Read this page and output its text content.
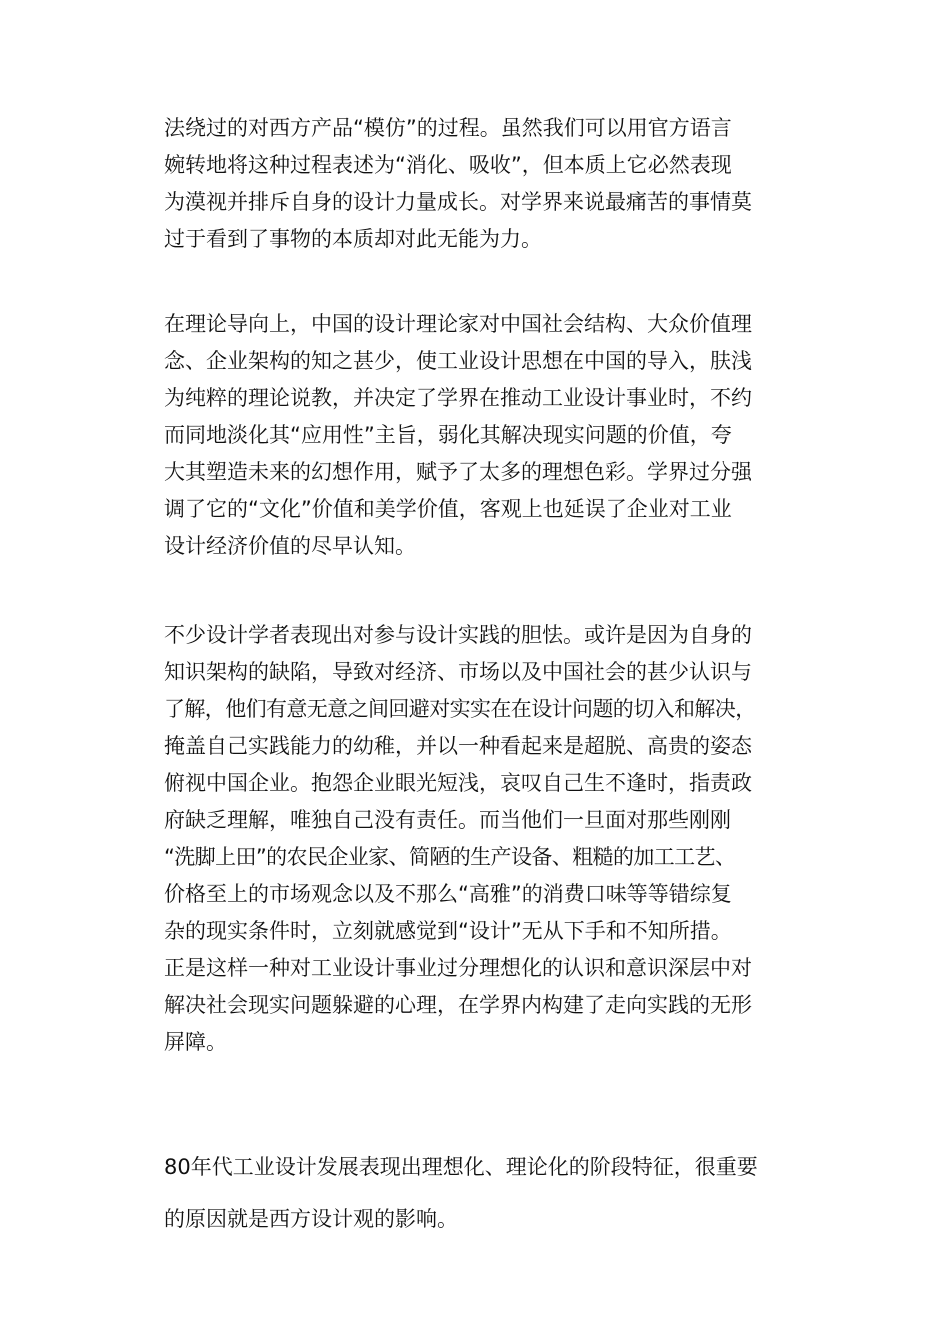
法绕过的对西方产品“模仿”的过程。虽然我们可以用官方语言
婉转地将这种过程表述为“消化、吸收”，但本质上它必然表现
为漠视并排斥自身的设计力量成长。对学界来说最痛苦的事情莫
过于看到了事物的本质却对此无能为力。
在理论导向上，中国的设计理论家对中国社会结构、大众价值理
念、企业架构的知之甚少，使工业设计思想在中国的导入，肤浅
为纯粹的理论说教，并决定了学界在推动工业设计事业时，不约
而同地淡化其“应用性”主旨，弱化其解决现实问题的价值，夸
大其塑造未来的幻想作用，赋予了太多的理想色彩。学界过分强
调了它的“文化”价值和美学价值，客观上也延误了企业对工业
设计经济价值的尽早认知。
不少设计学者表现出对参与设计实践的胆怯。或许是因为自身的
知识架构的缺陷，导致对经济、市场以及中国社会的甚少认识与
了解，他们有意无意之间回避对实实在在设计问题的切入和解决，
掩盖自己实践能力的幼稚，并以一种看起来是超脱、高贵的姿态
俯视中国企业。抱怨企业眼光短浅，哀叹自己生不逢时，指责政
府缺乏理解，唯独自己没有责任。而当他们一旦面对那些刚刚
“洗脚上田”的农民企业家、简陋的生产设备、粗糙的加工工艺、
价格至上的市场观念以及不那么“高雅”的消费口味等等错综复
杂的现实条件时，立刻就感觉到“设计”无从下手和不知所措。
正是这样一种对工业设计事业过分理想化的认识和意识深层中对
解决社会现实问题躲避的心理，在学界内构建了走向实践的无形
屏障。
80年代工业设计发展表现出理想化、理论化的阶段特征，很重要
的原因就是西方设计观的影响。
